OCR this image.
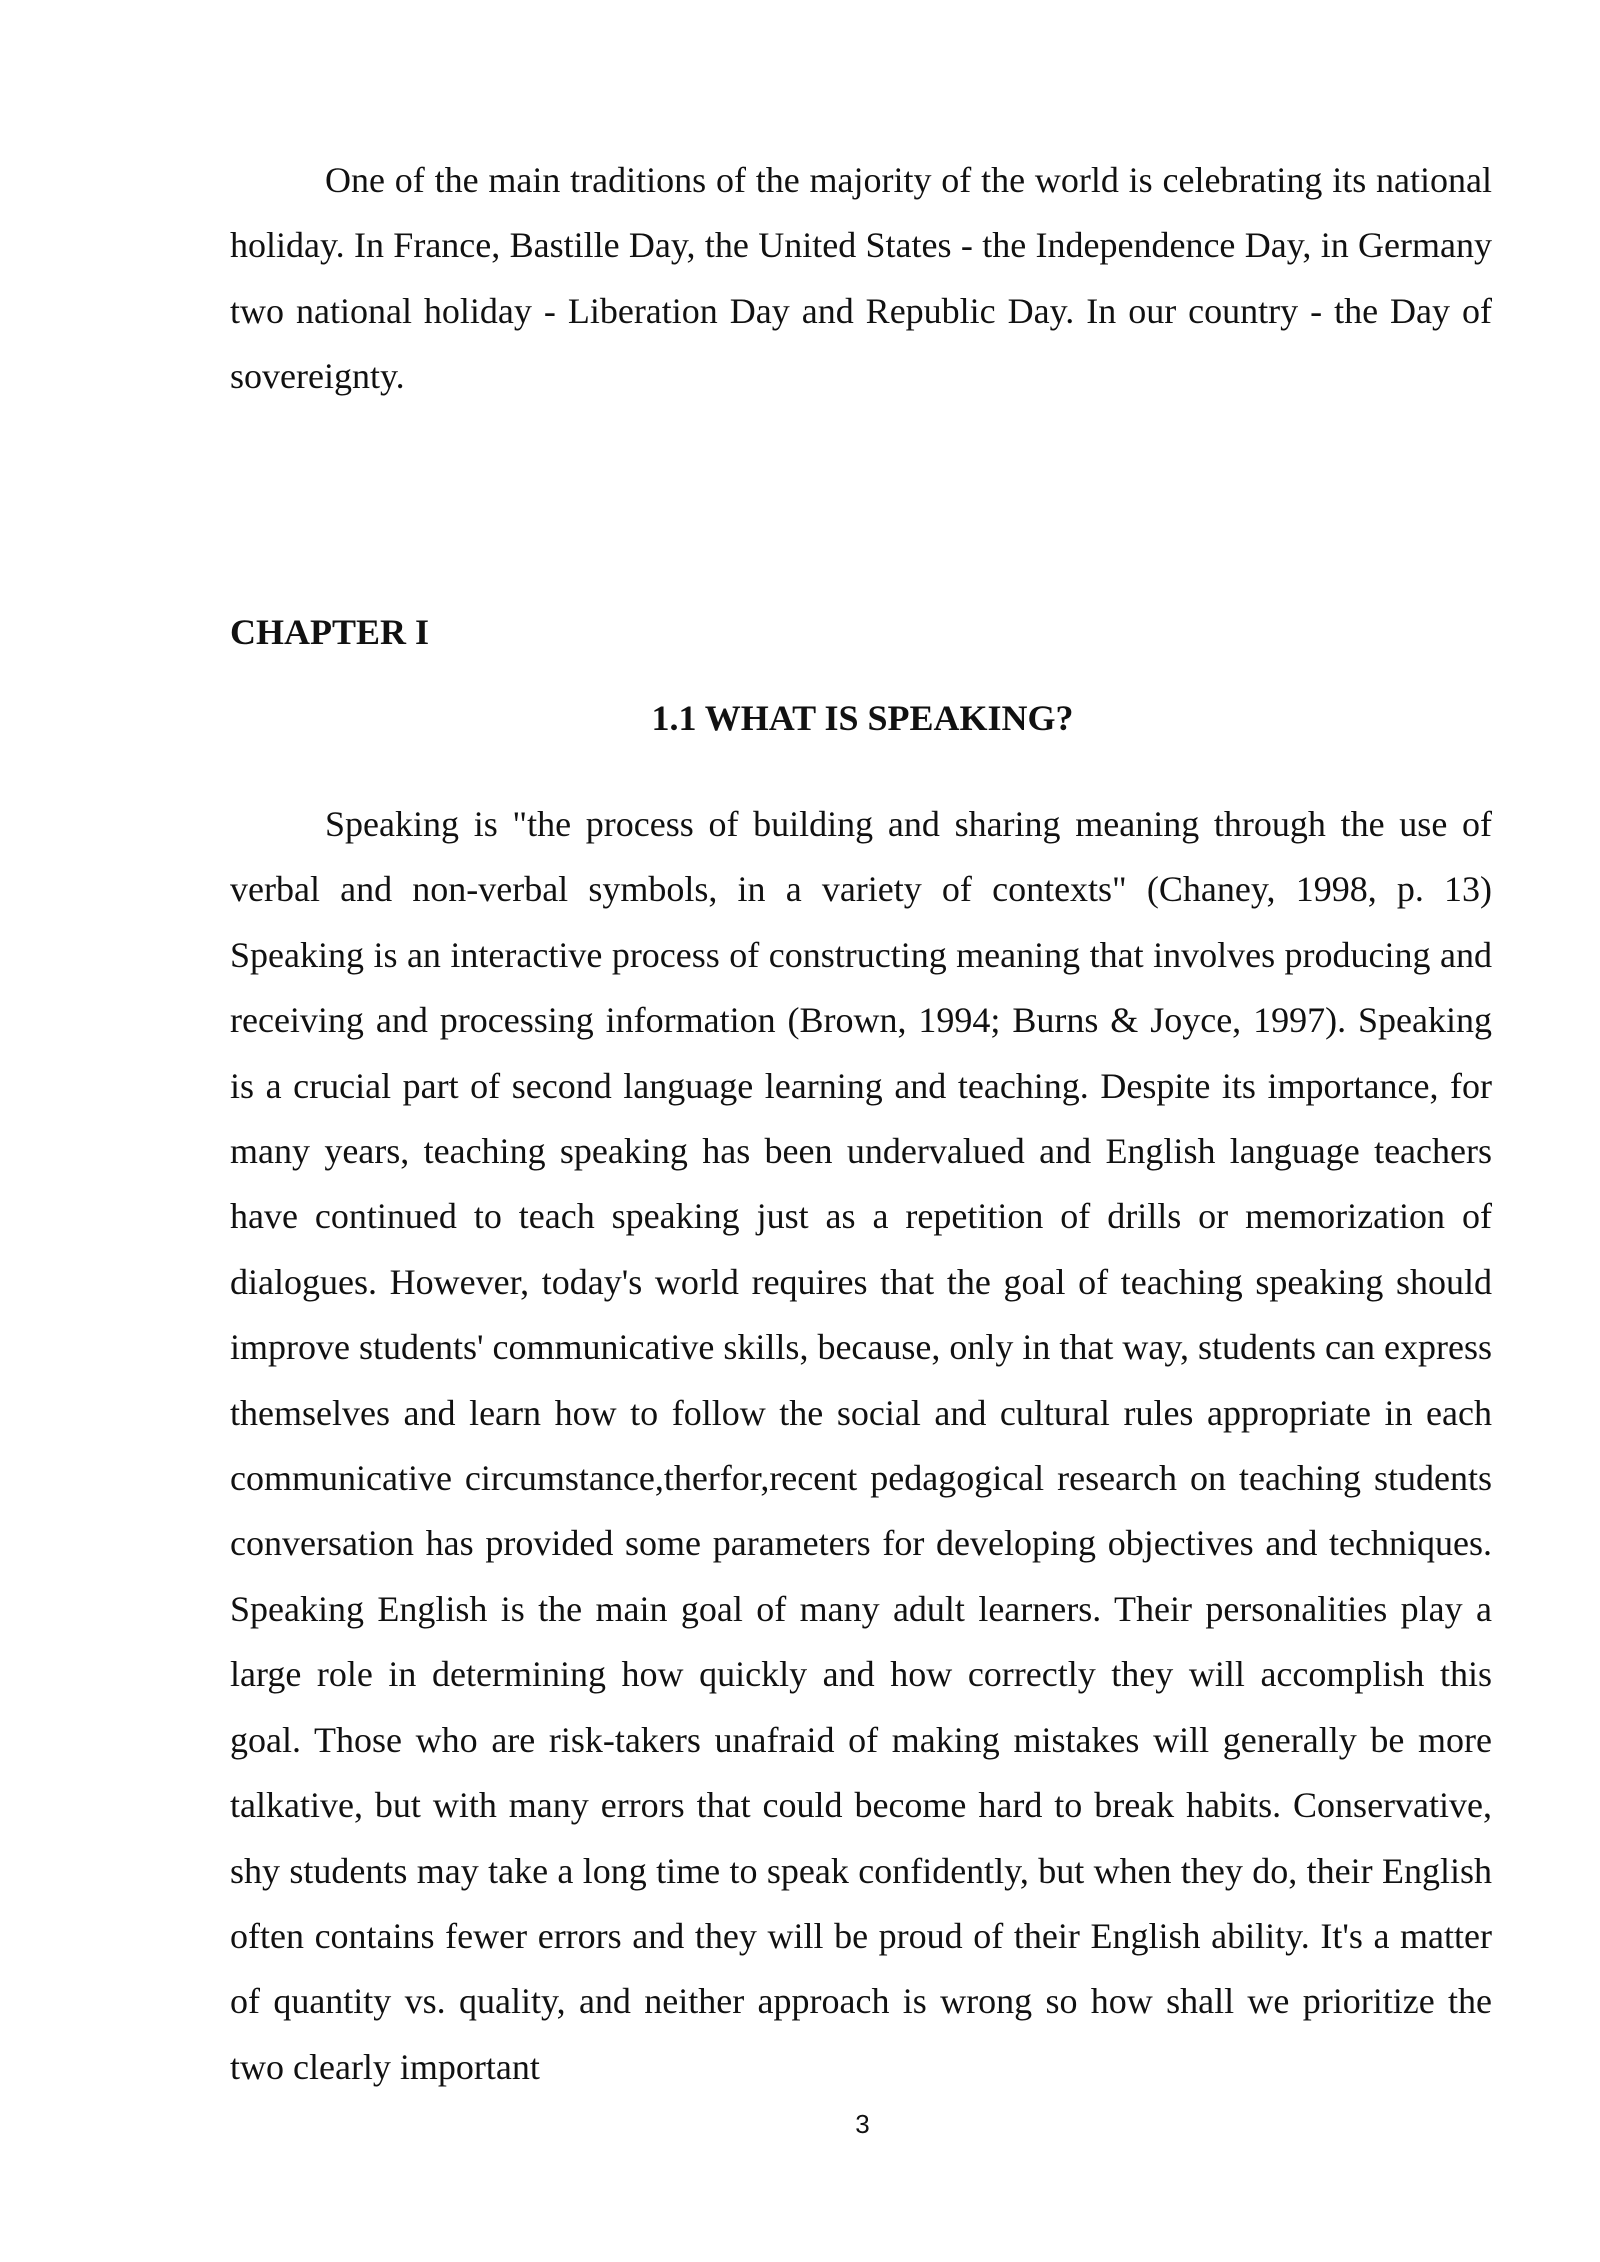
One of the main traditions of the majority of the world is celebrating its national holiday. In France, Bastille Day, the United States - the Independence Day, in Germany two national holiday - Liberation Day and Republic Day. In our country - the Day of sovereignty.

CHAPTER I
1.1 WHAT IS SPEAKING?

Speaking is "the process of building and sharing meaning through the use of verbal and non-verbal symbols, in a variety of contexts" (Chaney, 1998, p. 13) Speaking is an interactive process of constructing meaning that involves producing and receiving and processing information (Brown, 1994; Burns & Joyce, 1997). Speaking is a crucial part of second language learning and teaching. Despite its importance, for many years, teaching speaking has been undervalued and English language teachers have continued to teach speaking just as a repetition of drills or memorization of dialogues. However, today's world requires that the goal of teaching speaking should improve students' communicative skills, because, only in that way, students can express themselves and learn how to follow the social and cultural rules appropriate in each communicative circumstance,therfor,recent pedagogical research on teaching students conversation has provided some parameters for developing objectives and techniques. Speaking English is the main goal of many adult learners. Their personalities play a large role in determining how quickly and how correctly they will accomplish this goal. Those who are risk-takers unafraid of making mistakes will generally be more talkative, but with many errors that could become hard to break habits. Conservative, shy students may take a long time to speak confidently, but when they do, their English often contains fewer errors and they will be proud of their English ability. It's a matter of quantity vs. quality, and neither approach is wrong so how shall we prioritize the two clearly important

3
